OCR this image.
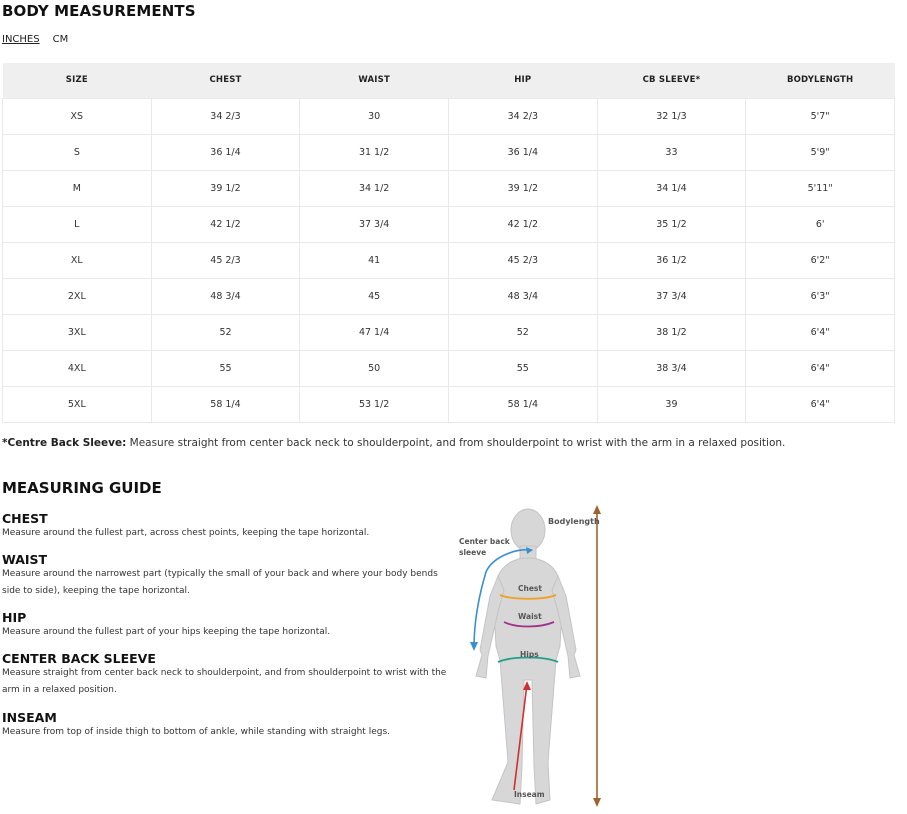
BODY MEASUREMENTS
INCHES CM
SIZE	CHEST	WAIST	HIP	CB SLEEVE*	BODYLENGTH
XS	34 2/3	30	34 2/3	32 1/3	5'7"
S	36 1/4	31 1/2	36 1/4	33	5'9"
M	39 1/2	34 1/2	39 1/2	34 1/4	5'11"
L	42 1/2	37 3/4	42 1/2	35 1/2	6'
XL	45 2/3	41	45 2/3	36 1/2	6'2"
2XL	48 3/4	45	48 3/4	37 3/4	6'3"
3XL	52	47 1/4	52	38 1/2	6'4"
4XL	55	50	55	38 3/4	6'4"
5XL	58 1/4	53 1/2	58 1/4	39	6'4"
*Centre Back Sleeve: Measure straight from center back neck to shoulderpoint, and from shoulderpoint to wrist with the arm in a relaxed position.
MEASURING GUIDE
CHEST

Measure around the fullest part, across chest points, keeping the tape horizontal.

WAIST

Measure around the narrowest part (typically the small of your back and where your body bends side to side), keeping the tape horizontal.

HIP

Measure around the fullest part of your hips keeping the tape horizontal.

CENTER BACK SLEEVE

Measure straight from center back neck to shoulderpoint, and from shoulderpoint to wrist with the arm in a relaxed position.

INSEAM

Measure from top of inside thigh to bottom of ankle, while standing with straight legs.

Bodylength
Center back
sleeve
Chest
Waist
Hips
Inseam
